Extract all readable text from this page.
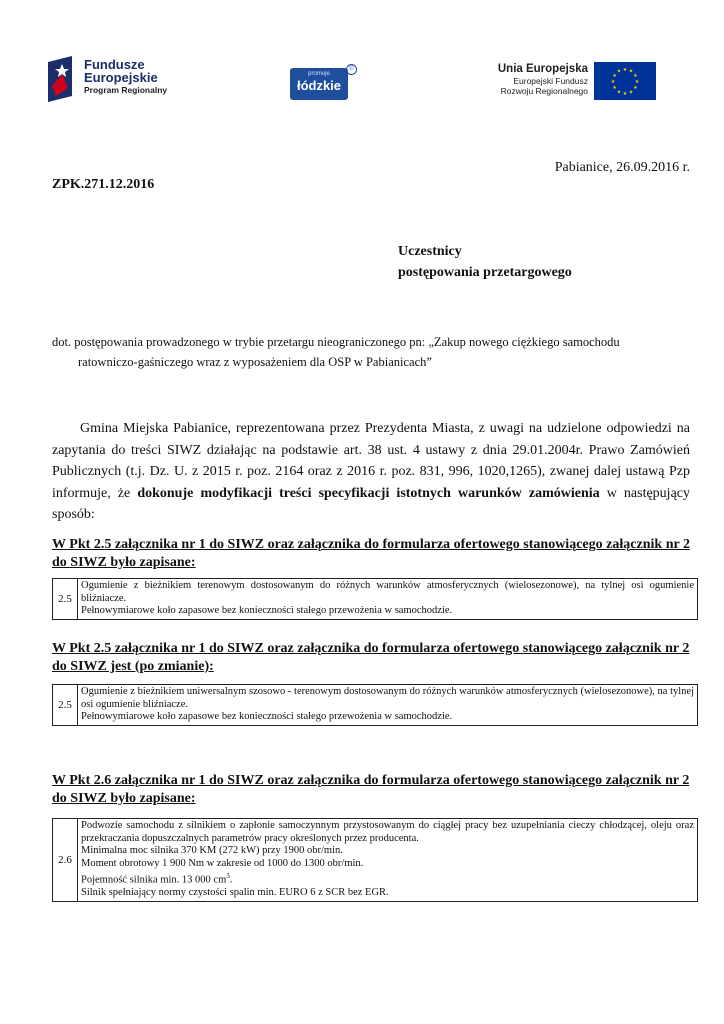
Fundusze
Europejskie
Program Regionalny
promuje
łódzkie
©	Unia Europejska
Europejski Fundusz
Rozwoju Regionalnego
★ ★
★
★
★
★
★
★
★
★
★
★
Pabianice, 26.09.2016 r.
ZPK.271.12.2016
Uczestnicy
postępowania przetargowego
dot. postępowania prowadzonego w trybie przetargu nieograniczonego pn: „Zakup nowego ciężkiego samochodu
ratowniczo-gaśniczego wraz z wyposażeniem dla OSP w Pabianicach”
Gmina Miejska Pabianice, reprezentowana przez Prezydenta Miasta, z uwagi na udzielone odpowiedzi na zapytania do treści SIWZ działając na podstawie art. 38 ust. 4 ustawy z dnia 29.01.2004r. Prawo Zamówień Publicznych (t.j. Dz. U. z 2015 r. poz. 2164 oraz z 2016 r. poz. 831, 996, 1020,1265), zwanej dalej ustawą Pzp informuje, że dokonuje modyfikacji treści specyfikacji istotnych warunków zamówienia w następujący sposób:
W Pkt 2.5 załącznika nr 1 do SIWZ oraz załącznika do formularza ofertowego stanowiącego załącznik nr 2 do SIWZ było zapisane:
2.5	
Ogumienie z bieżnikiem terenowym dostosowanym do różnych warunków atmosferycznych (wielosezonowe), na tylnej osi ogumienie bliźniacze.
Pełnowymiarowe koło zapasowe bez konieczności stałego przewożenia w samochodzie.
W Pkt 2.5 załącznika nr 1 do SIWZ oraz załącznika do formularza ofertowego stanowiącego załącznik nr 2 do SIWZ jest (po zmianie):
2.5	
Ogumienie z bieżnikiem uniwersalnym szosowo - terenowym dostosowanym do różnych warunków atmosferycznych (wielosezonowe), na tylnej osi ogumienie bliźniacze.
Pełnowymiarowe koło zapasowe bez konieczności stałego przewożenia w samochodzie.
W Pkt 2.6 załącznika nr 1 do SIWZ oraz załącznika do formularza ofertowego stanowiącego załącznik nr 2 do SIWZ było zapisane:
2.6	
Podwozie samochodu z silnikiem o zapłonie samoczynnym przystosowanym do ciągłej pracy bez uzupełniania cieczy chłodzącej, oleju oraz przekraczania dopuszczalnych parametrów pracy określonych przez producenta.
Minimalna moc silnika 370 KM (272 kW) przy 1900 obr/min.
Moment obrotowy 1 900 Nm w zakresie od 1000 do 1300 obr/min.
Pojemność silnika min. 13 000 $cm^3$.
Silnik spełniający normy czystości spalin min. EURO 6 z SCR bez EGR.
